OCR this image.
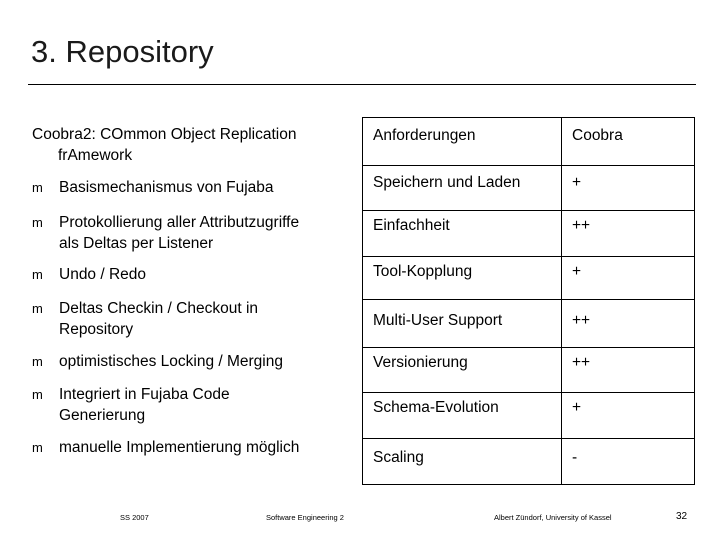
3. Repository
Coobra2: COmmon Object Replication
frAmework
m	Basismechanismus von Fujaba
m	Protokollierung aller Attributzugriffe
als Deltas per Listener
m	Undo / Redo
m	Deltas Checkin / Checkout in
Repository
m	optimistisches Locking / Merging
m	Integriert in Fujaba Code
Generierung
m	manuelle Implementierung möglich
Anforderungen	Coobra
Speichern und Laden	+
Einfachheit	++
Tool-Kopplung	+
Multi-User Support	++
Versionierung	++
Schema-Evolution	+
Scaling	-
SS 2007	Software Engineering 2	Albert Zündorf, University of Kassel	32
